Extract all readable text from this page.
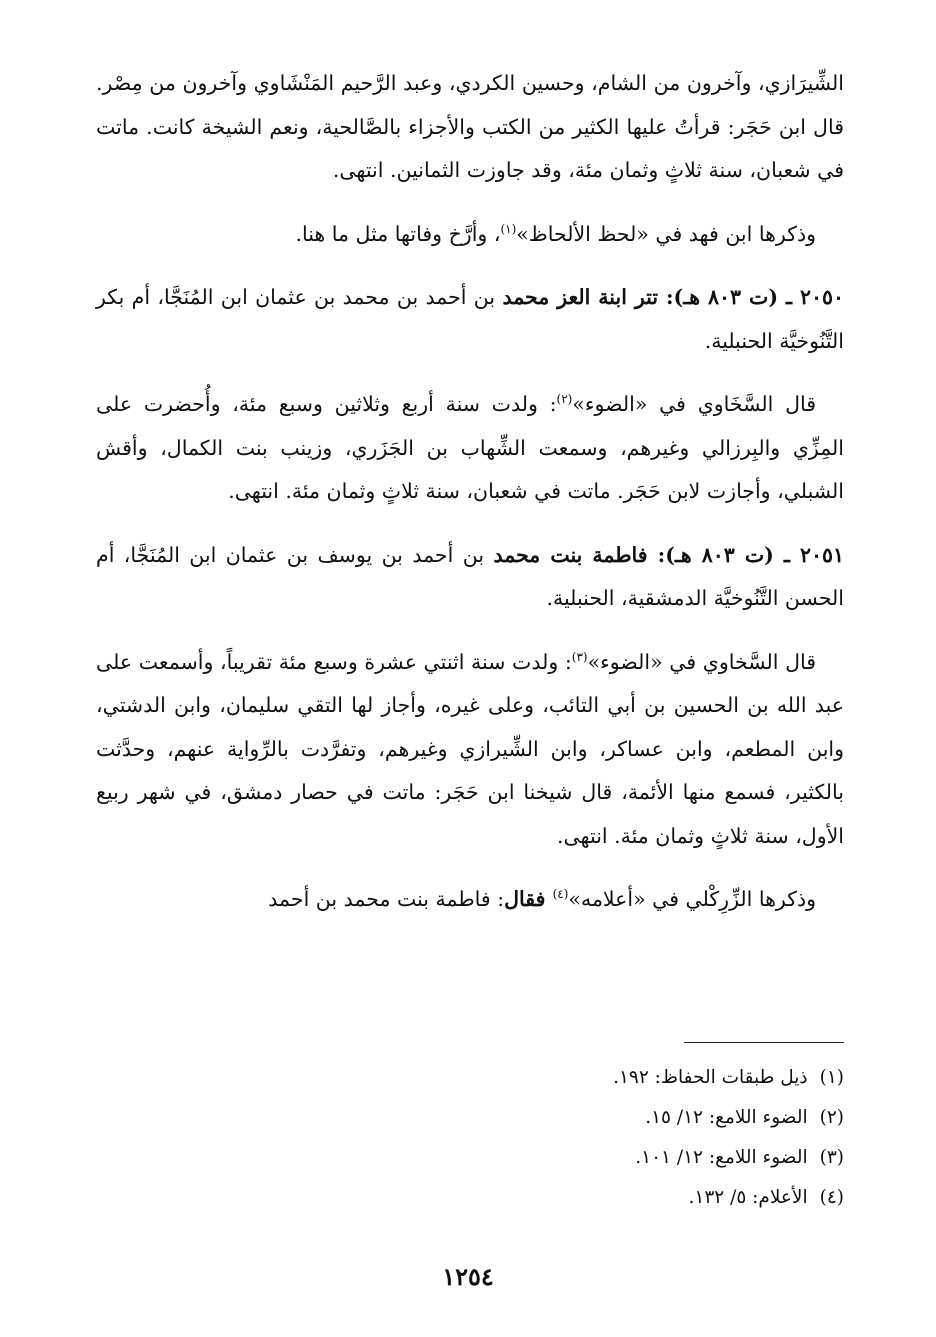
الشِّيرَازي، وآخرون من الشام، وحسين الكردي، وعبد الرَّحيم المَنْشَاوي وآخرون من مِصْر. قال ابن حَجَر: قرأتُ عليها الكثير من الكتب والأجزاء بالصَّالحية، ونعم الشيخة كانت. ماتت في شعبان، سنة ثلاثٍ وثمان مئة، وقد جاوزت الثمانين. انتهى.

وذكرها ابن فهد في «لحظ الألحاظ»$^{(١)}$، وأرَّخ وفاتها مثل ما هنا.

٢٠٥٠ ـ (ت ٨٠٣ هـ): تتر ابنة العز محمد بن أحمد بن محمد بن عثمان ابن المُنَجَّا، أم بكر التَّنُوخيَّة الحنبلية.

قال السَّخَاوي في «الضوء»$^{(٢)}$: ولدت سنة أربع وثلاثين وسبع مئة، وأُحضرت على المِزِّي والبِرزالي وغيرهم، وسمعت الشِّهاب بن الجَزَري، وزينب بنت الكمال، وأقش الشبلي، وأجازت لابن حَجَر. ماتت في شعبان، سنة ثلاثٍ وثمان مئة. انتهى.

٢٠٥١ ـ (ت ٨٠٣ هـ): فاطمة بنت محمد بن أحمد بن يوسف بن عثمان ابن المُنَجَّا، أم الحسن التَّنُوخيَّة الدمشقية، الحنبلية.

قال السَّخاوي في «الضوء»$^{(٣)}$: ولدت سنة اثنتي عشرة وسبع مئة تقريباً، وأسمعت على عبد الله بن الحسين بن أبي التائب، وعلى غيره، وأجاز لها التقي سليمان، وابن الدشتي، وابن المطعم، وابن عساكر، وابن الشِّيرازي وغيرهم، وتفرَّدت بالرِّواية عنهم، وحدَّثت بالكثير، فسمع منها الأئمة، قال شيخنا ابن حَجَر: ماتت في حصار دمشق، في شهر ربيع الأول، سنة ثلاثٍ وثمان مئة. انتهى.

وذكرها الزِّرِكْلي في «أعلامه»$^{(٤)}$ فقال: فاطمة بنت محمد بن أحمد

(١)ذيل طبقات الحفاظ: ١٩٢.

(٢)الضوء اللامع: ١٢/ ١٥.

(٣)الضوء اللامع: ١٢/ ١٠١.

(٤)الأعلام: ٥/ ١٣٢.

١٢٥٤
